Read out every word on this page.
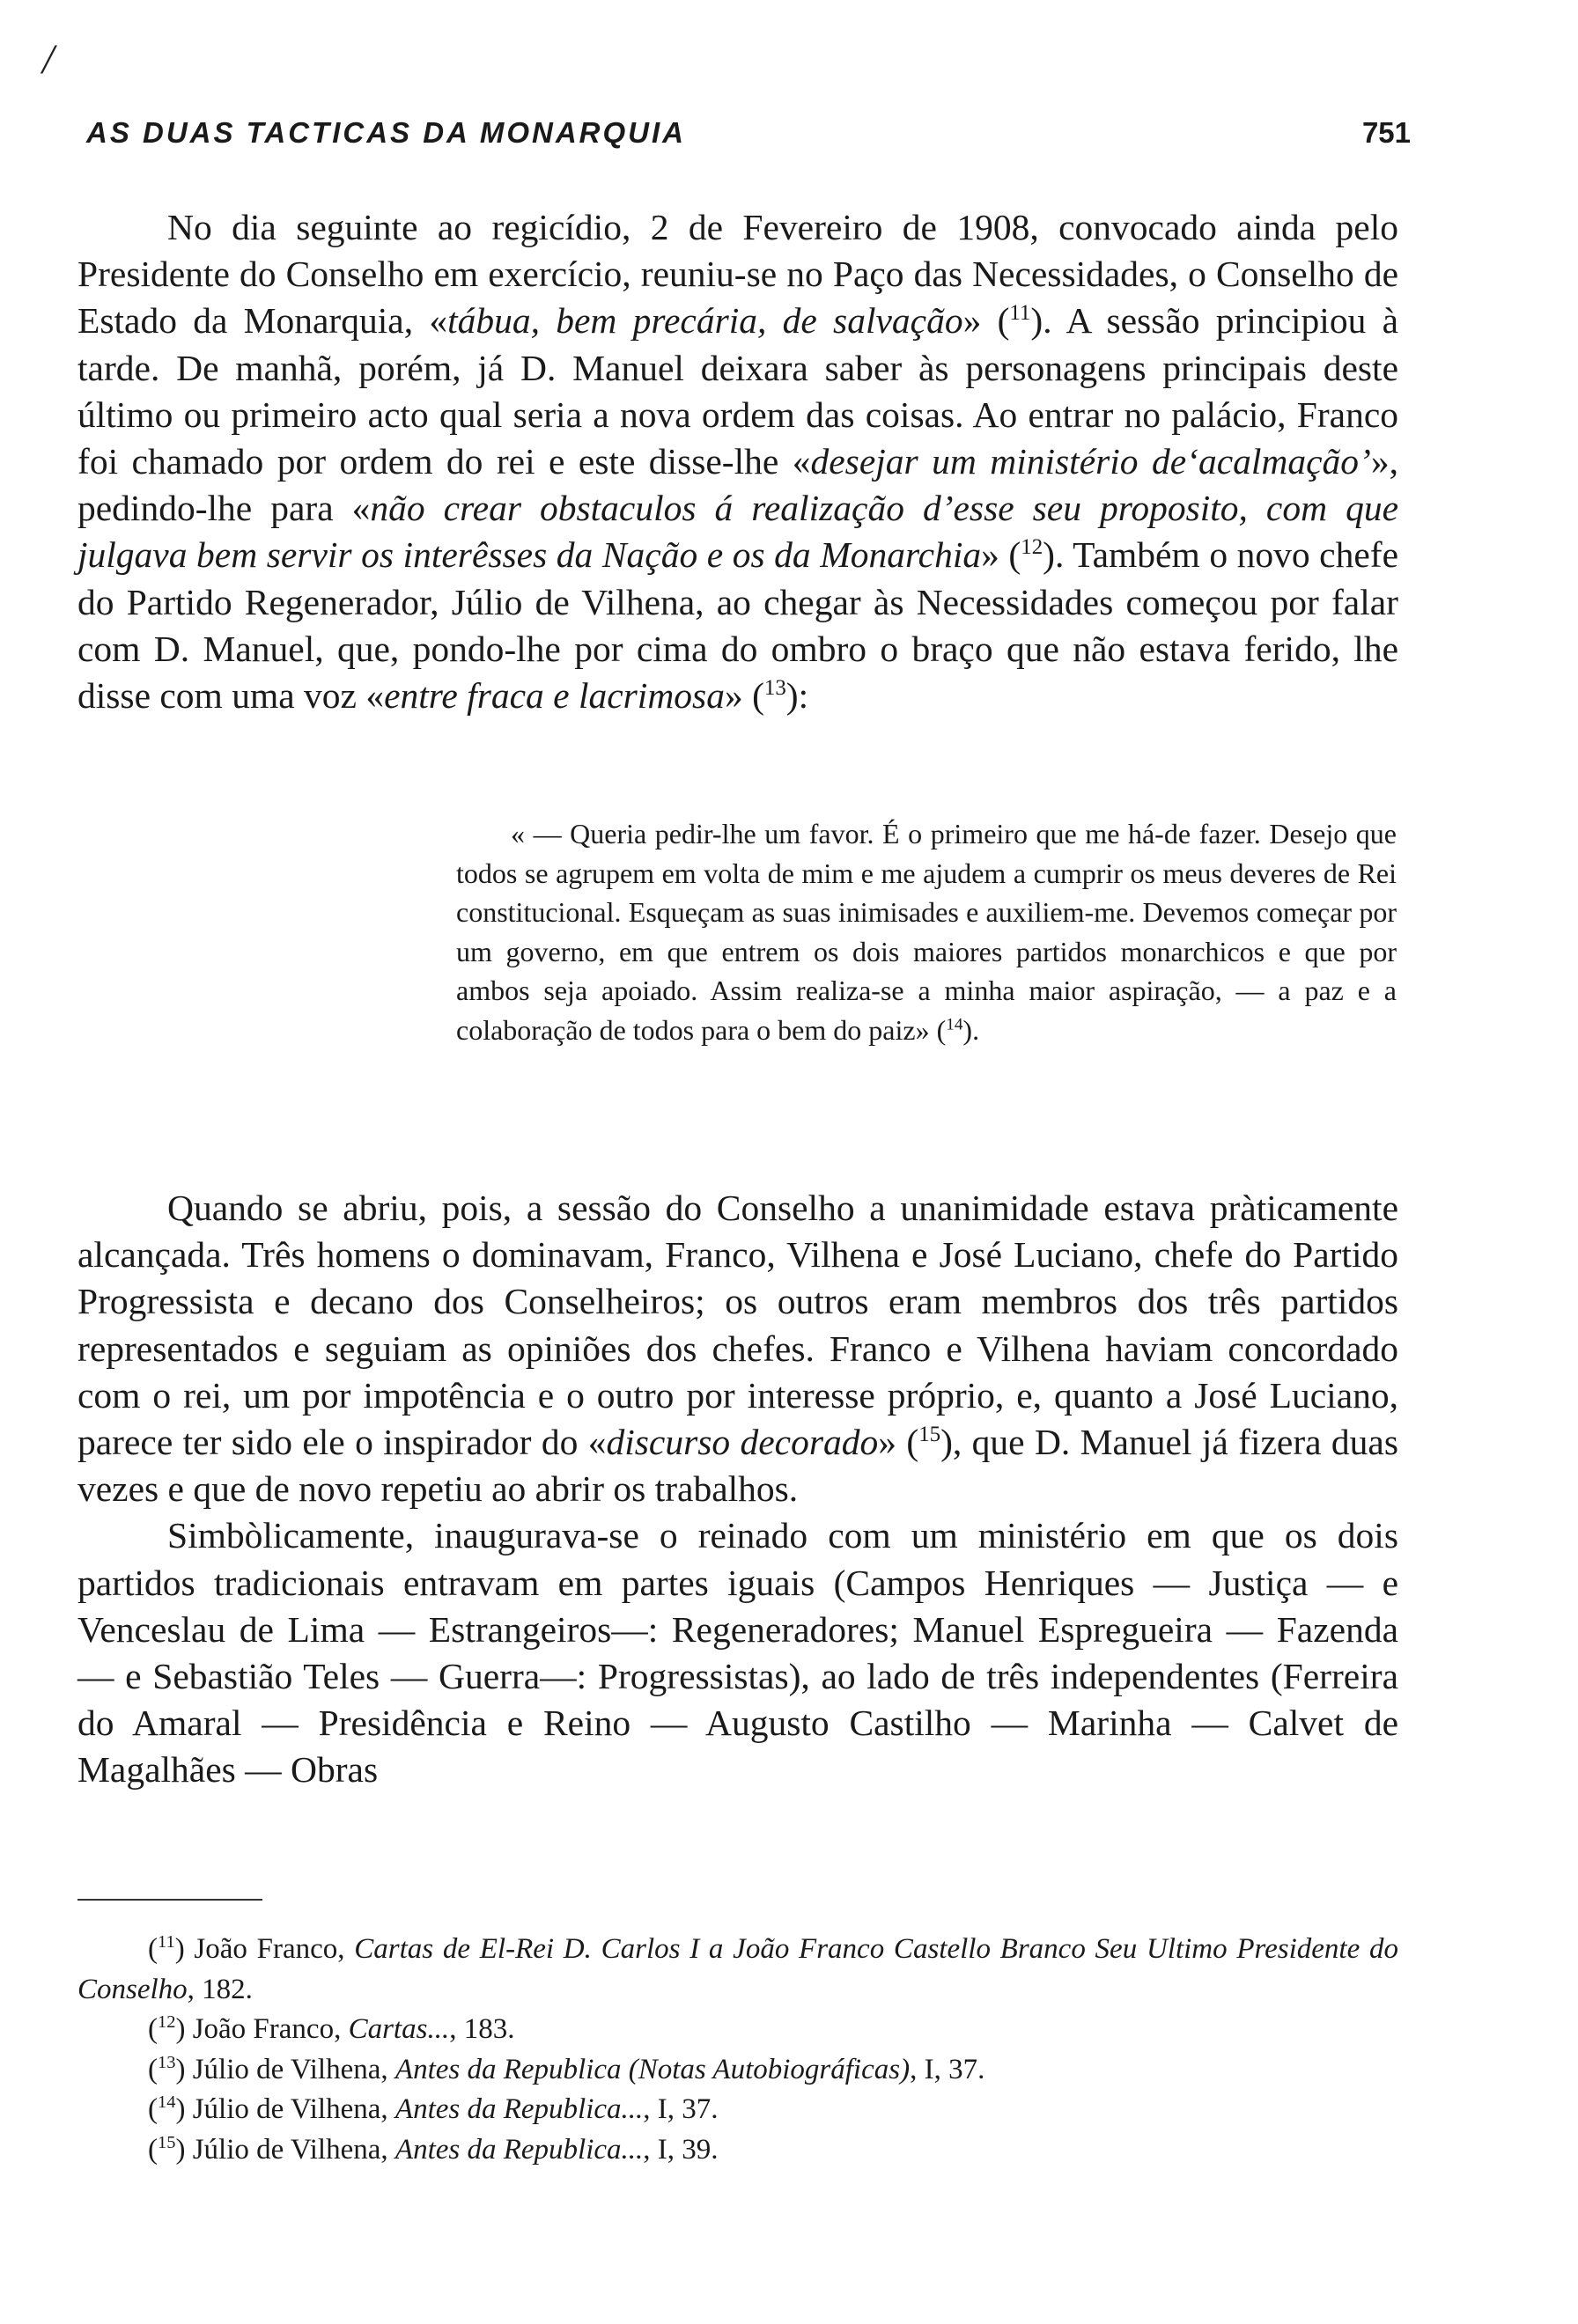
/
AS DUAS TACTICAS DA MONARQUIA	751

No dia seguinte ao regicídio, 2 de Fevereiro de 1908, convocado ainda pelo Presidente do Conselho em exercício, reuniu-se no Paço das Necessidades, o Conselho de Estado da Monarquia, «tábua, bem precária, de salvação» ($^{11}$). A sessão principiou à tarde. De manhã, porém, já D. Manuel deixara saber às personagens principais deste último ou primeiro acto qual seria a nova ordem das coisas. Ao entrar no palácio, Franco foi chamado por ordem do rei e este disse-lhe «desejar um ministério de‘acalmação’», pedindo-lhe para «não crear obstaculos á realização d’esse seu proposito, com que julgava bem servir os interêsses da Nação e os da Monarchia» ($^{12}$). Também o novo chefe do Partido Regenerador, Júlio de Vilhena, ao chegar às Necessidades começou por falar com D. Manuel, que, pondo-lhe por cima do ombro o braço que não estava ferido, lhe disse com uma voz «entre fraca e lacrimosa» ($^{13}$):

« — Queria pedir-lhe um favor. É o primeiro que me há-de fazer. Desejo que todos se agrupem em volta de mim e me ajudem a cumprir os meus deveres de Rei constitucional. Esqueçam as suas inimisades e auxiliem-me. Devemos começar por um governo, em que entrem os dois maiores partidos monarchicos e que por ambos seja apoiado. Assim realiza-se a minha maior aspiração, — a paz e a colaboração de todos para o bem do paiz» ($^{14}$).

Quando se abriu, pois, a sessão do Conselho a unanimidade estava pràticamente alcançada. Três homens o dominavam, Franco, Vilhena e José Luciano, chefe do Partido Progressista e decano dos Conselheiros; os outros eram membros dos três partidos representados e seguiam as opiniões dos chefes. Franco e Vilhena haviam concordado com o rei, um por impotência e o outro por interesse próprio, e, quanto a José Luciano, parece ter sido ele o inspirador do «discurso decorado» ($^{15}$), que D. Manuel já fizera duas vezes e que de novo repetiu ao abrir os trabalhos.

Simbòlicamente, inaugurava-se o reinado com um ministério em que os dois partidos tradicionais entravam em partes iguais (Campos Henriques — Justiça — e Venceslau de Lima — Estrangeiros—: Regeneradores; Manuel Espregueira — Fazenda — e Sebastião Teles — Guerra—: Progressistas), ao lado de três independentes (Ferreira do Amaral — Presidência e Reino — Augusto Castilho — Marinha — Calvet de Magalhães — Obras

($^{11}$) João Franco, Cartas de El-Rei D. Carlos I a João Franco Castello Branco Seu Ultimo Presidente do Conselho, 182.

($^{12}$) João Franco, Cartas..., 183.

($^{13}$) Júlio de Vilhena, Antes da Republica (Notas Autobiográficas), I, 37.

($^{14}$) Júlio de Vilhena, Antes da Republica..., I, 37.

($^{15}$) Júlio de Vilhena, Antes da Republica..., I, 39.
